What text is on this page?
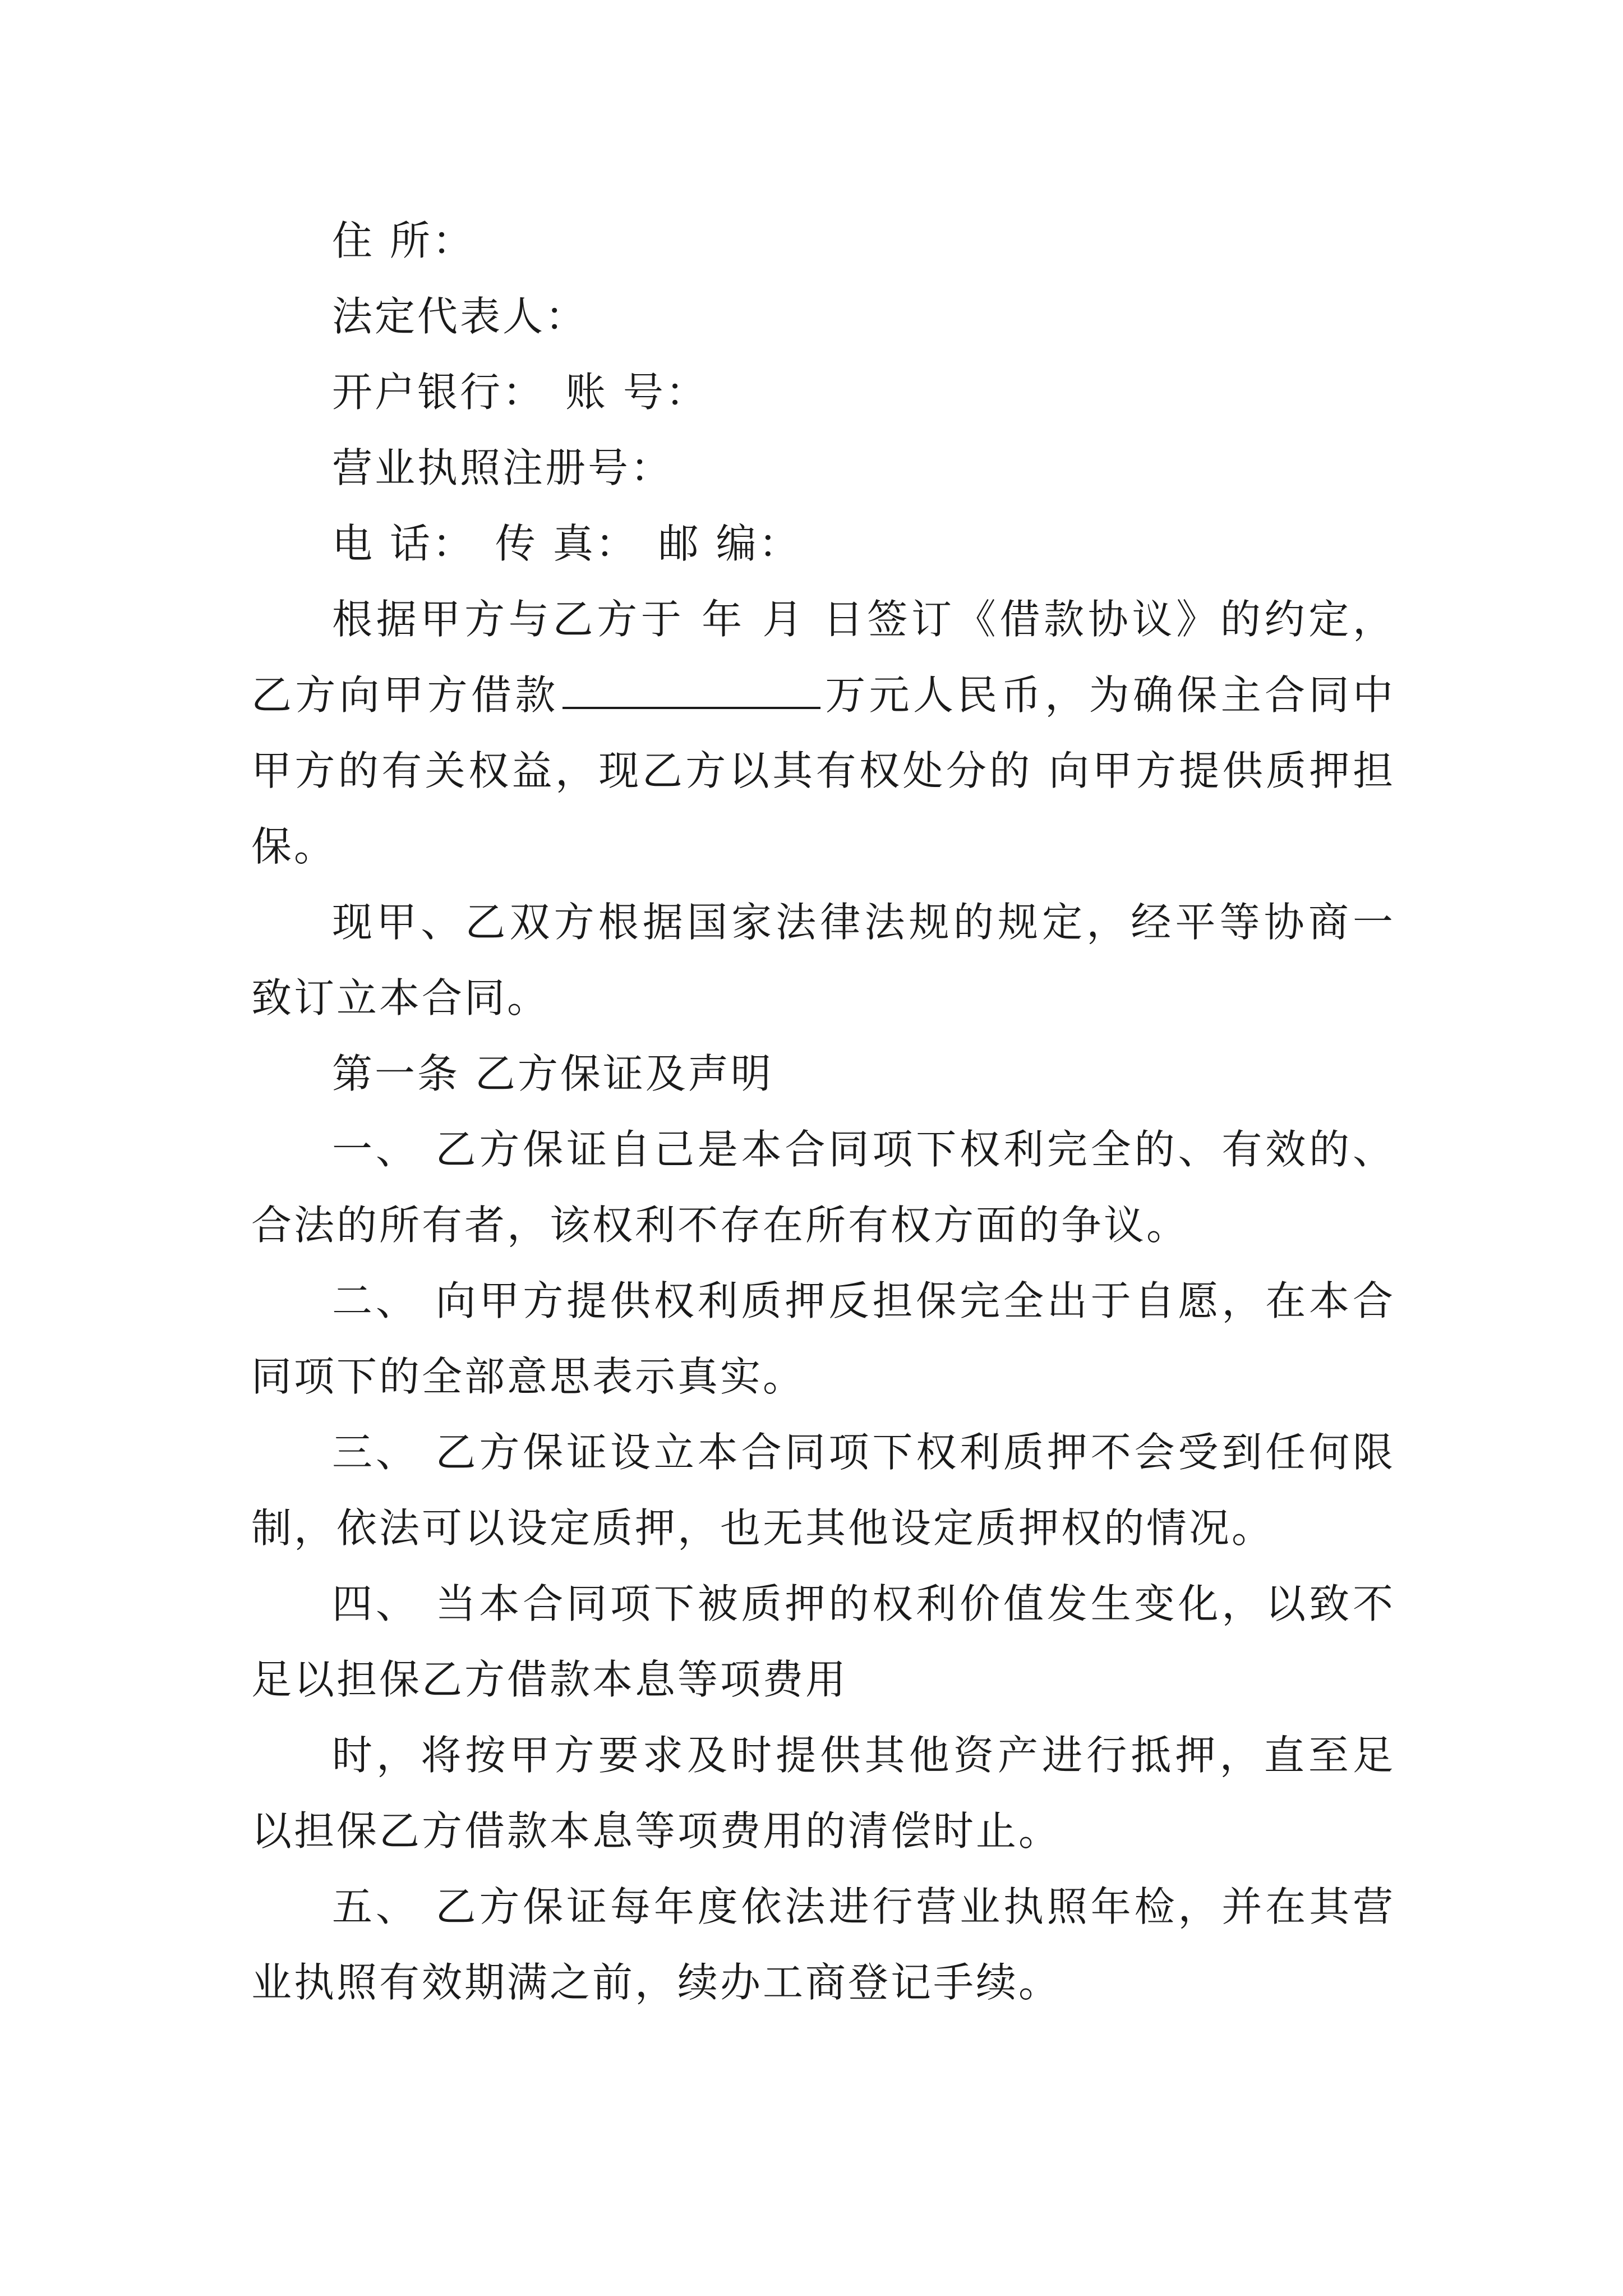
住 所：

法定代表人：

开户银行： 账 号：

营业执照注册号：

电 话： 传 真： 邮 编：

根据甲方与乙方于 年 月 日签订《借款协议》的约定，乙方向甲方借款	万元人民币，为确保主合同中甲方的有关权益，现乙方以其有权处分的 向甲方提供质押担保。

现甲、乙双方根据国家法律法规的规定，经平等协商一致订立本合同。

第一条 乙方保证及声明

一、 乙方保证自己是本合同项下权利完全的、有效的、合法的所有者，该权利不存在所有权方面的争议。

二、 向甲方提供权利质押反担保完全出于自愿，在本合同项下的全部意思表示真实。

三、 乙方保证设立本合同项下权利质押不会受到任何限制，依法可以设定质押，也无其他设定质押权的情况。

四、 当本合同项下被质押的权利价值发生变化，以致不足以担保乙方借款本息等项费用

时，将按甲方要求及时提供其他资产进行抵押，直至足以担保乙方借款本息等项费用的清偿时止。

五、 乙方保证每年度依法进行营业执照年检，并在其营业执照有效期满之前，续办工商登记手续。
